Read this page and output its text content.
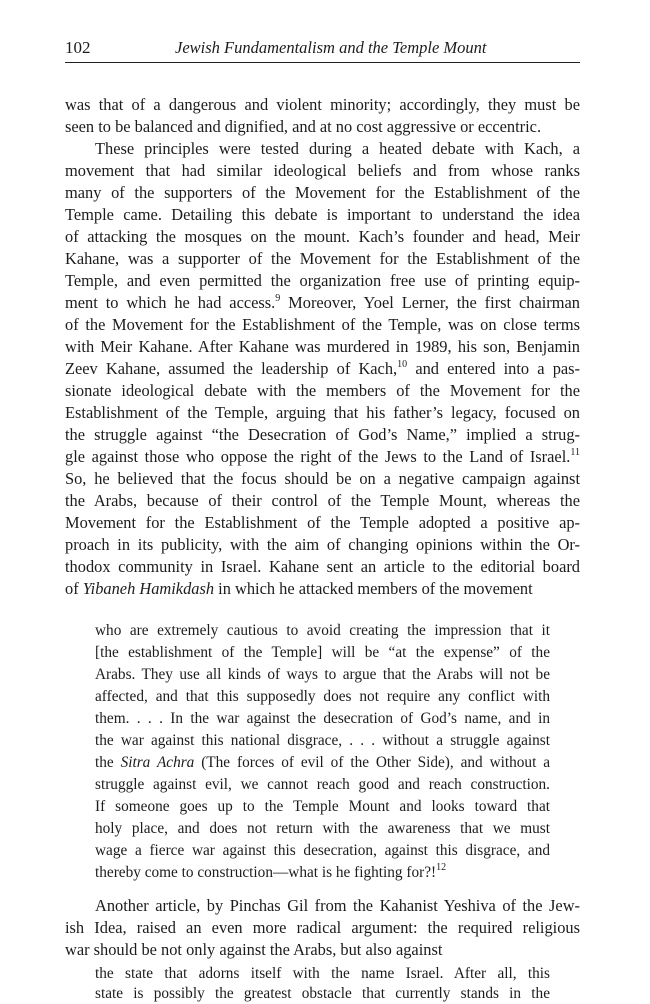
102	Jewish Fundamentalism and the Temple Mount
was that of a dangerous and violent minority; accordingly, they must be
seen to be balanced and dignified, and at no cost aggressive or eccentric.
These principles were tested during a heated debate with Kach, a
movement that had similar ideological beliefs and from whose ranks
many of the supporters of the Movement for the Establishment of the
Temple came. Detailing this debate is important to understand the idea
of attacking the mosques on the mount. Kach’s founder and head, Meir
Kahane, was a supporter of the Movement for the Establishment of the
Temple, and even permitted the organization free use of printing equip-
ment to which he had access.$^9$ Moreover, Yoel Lerner, the first chairman
of the Movement for the Establishment of the Temple, was on close terms
with Meir Kahane. After Kahane was murdered in 1989, his son, Benjamin
Zeev Kahane, assumed the leadership of Kach,$^{10}$ and entered into a pas-
sionate ideological debate with the members of the Movement for the
Establishment of the Temple, arguing that his father’s legacy, focused on
the struggle against “the Desecration of God’s Name,” implied a strug-
gle against those who oppose the right of the Jews to the Land of Israel.$^{11}$
So, he believed that the focus should be on a negative campaign against
the Arabs, because of their control of the Temple Mount, whereas the
Movement for the Establishment of the Temple adopted a positive ap-
proach in its publicity, with the aim of changing opinions within the Or-
thodox community in Israel. Kahane sent an article to the editorial board
of Yibaneh Hamikdash in which he attacked members of the movement
who are extremely cautious to avoid creating the impression that it
[the establishment of the Temple] will be “at the expense” of the
Arabs. They use all kinds of ways to argue that the Arabs will not be
affected, and that this supposedly does not require any conflict with
them. . . . In the war against the desecration of God’s name, and in
the war against this national disgrace, . . . without a struggle against
the Sitra Achra (The forces of evil of the Other Side), and without a
struggle against evil, we cannot reach good and reach construction.
If someone goes up to the Temple Mount and looks toward that
holy place, and does not return with the awareness that we must
wage a fierce war against this desecration, against this disgrace, and
thereby come to construction—what is he fighting for?!$^{12}$
Another article, by Pinchas Gil from the Kahanist Yeshiva of the Jew-
ish Idea, raised an even more radical argument: the required religious
war should be not only against the Arabs, but also against
the state that adorns itself with the name Israel. After all, this
state is possibly the greatest obstacle that currently stands in the
